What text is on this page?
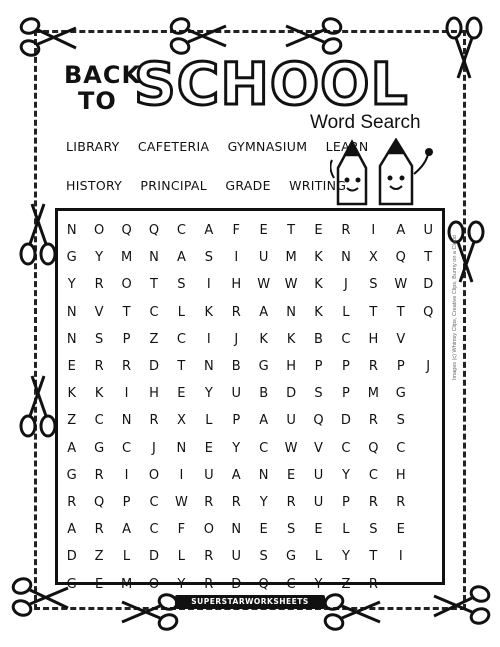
BACK
TO SCHOOL
Word Search
LIBRARY CAFETERIA GYMNASIUM LEARN
HISTORY PRINCIPAL GRADE WRITING
N	O	Q	Q	C	A	F	E	T	E	R	I	A	U
G	Y	M	N	A	S	I	U	M	K	N	X	Q	T
Y	R	O	T	S	I	H	W	W	K	J	S	W	D
N	V	T	C	L	K	R	A	N	K	L	T	T	Q
N	S	P	Z	C	I	J	K	K	B	C	H	V
E	R	R	D	T	N	B	G	H	P	P	R	P	J
K	K	I	H	E	Y	U	B	D	S	P	M	G
Z	C	N	R	X	L	P	A	U	Q	D	R	S
A	G	C	J	N	E	Y	C	W	V	C	Q	C
G	R	I	O	I	U	A	N	E	U	Y	C	H
R	Q	P	C	W	R	R	Y	R	U	P	R	R
A	R	A	C	F	O	N	E	S	E	L	S	E
D	Z	L	D	L	R	U	S	G	L	Y	T	I
G	E	M	O	Y	R	D	Q	C	Y	Z	R
SUPERSTARWORKSHEETS
Images (c) Whimsy Clips, Creative Clips, Bunny on a Cloud
